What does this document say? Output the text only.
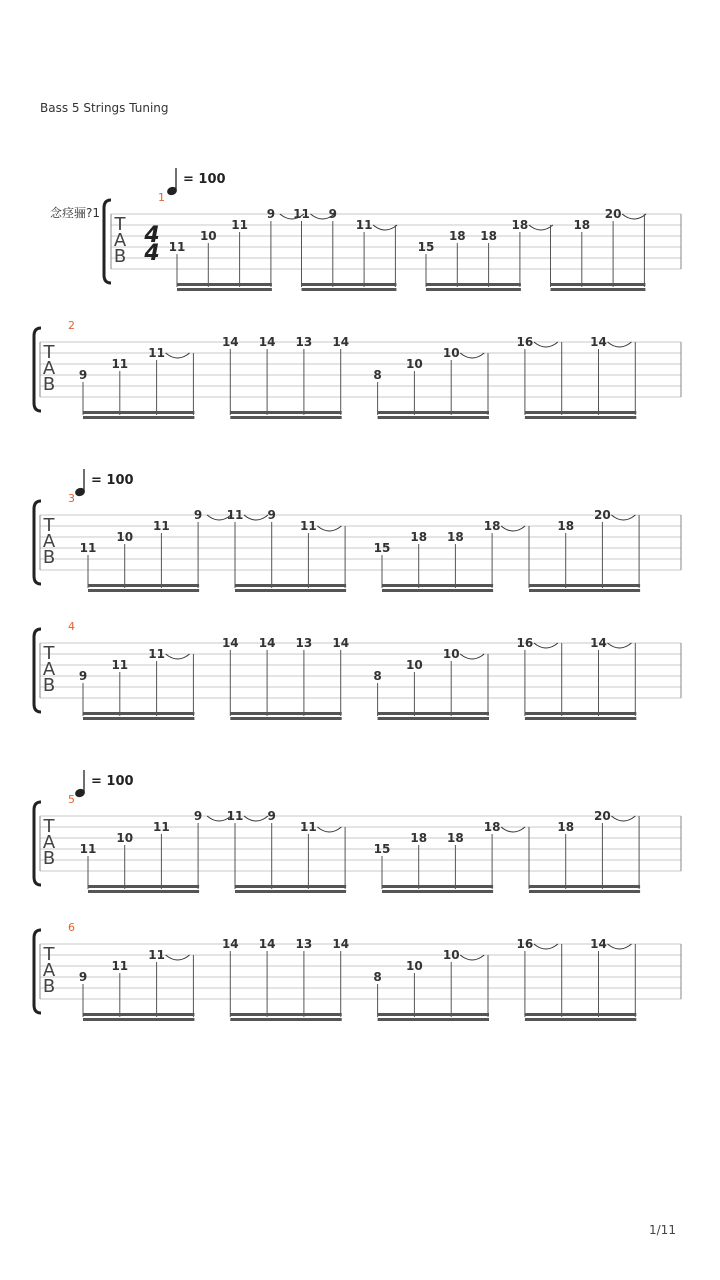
Bass 5 Strings Tuning
T
A
B
念痉骊?1
4
4
1
= 100
11
10
11
9 11 9
11
15
18 18
18	18
20
T
A
B
2
9
11
11
14 14 13 14
8
10
10
16	14
T
A
B
3
= 100
11
10
11
9 11 9
11
15
18 18
18	18
20
T
A
B
4
9
11
11
14 14 13 14
8
10
10
16	14
T
A
B
5
= 100
11
10
11
9 11 9
11
15
18 18
18	18
20
T
A
B
6
9
11
11
14 14 13 14
8
10
10
16	14
1/11
